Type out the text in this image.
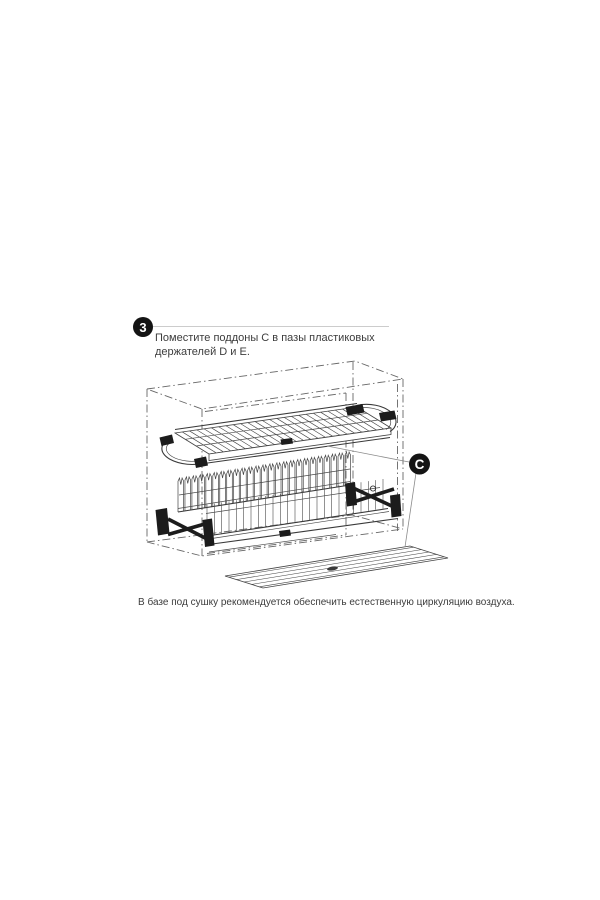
3
Поместите поддоны C в пазы пластиковых
держателей D и E.
C
В базе под сушку рекомендуется обеспечить естественную циркуляцию воздуха.
